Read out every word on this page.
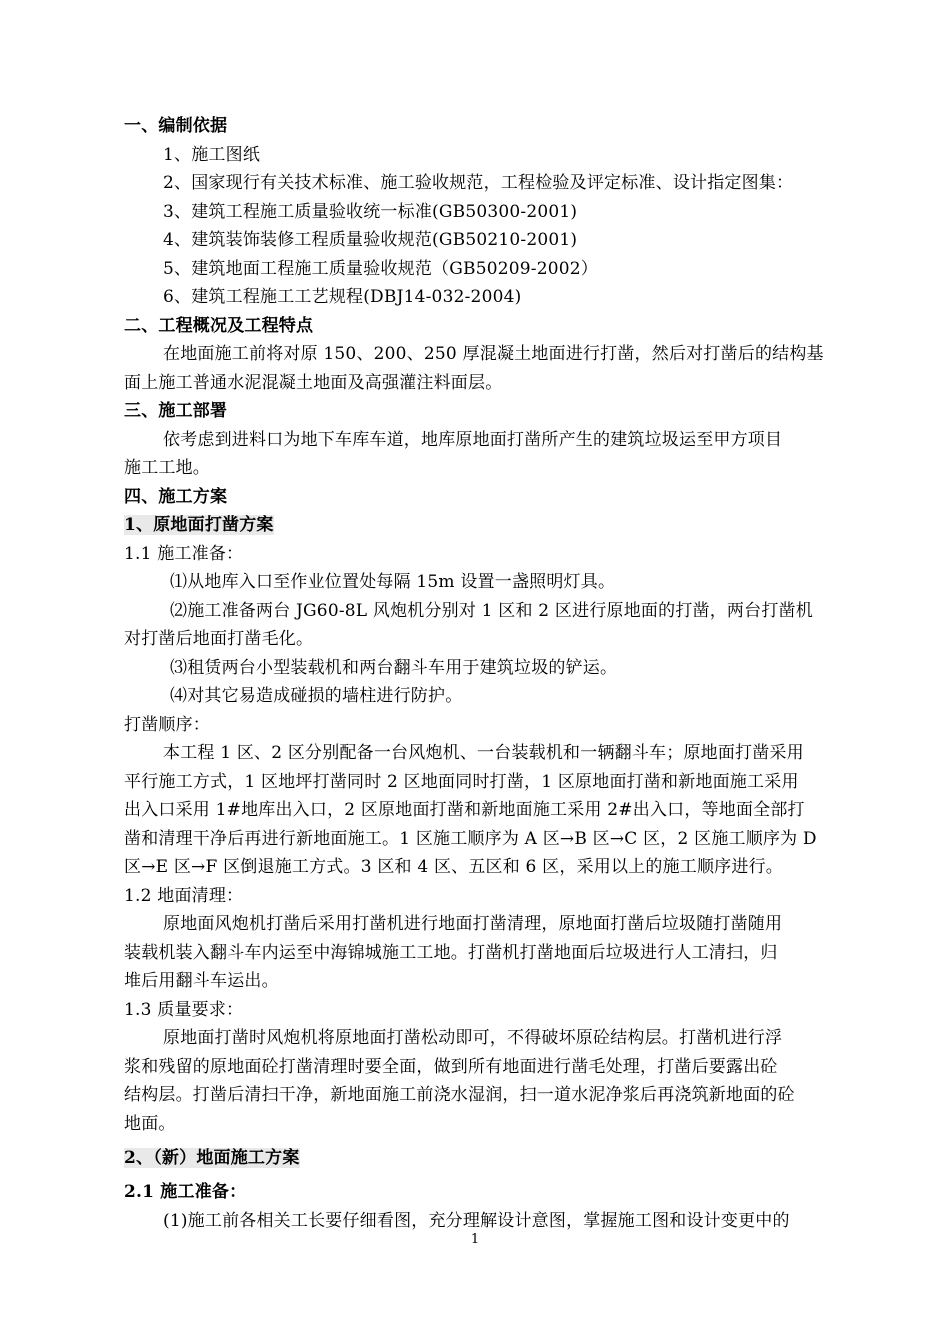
一、编制依据
1、施工图纸
2、国家现行有关技术标准、施工验收规范，工程检验及评定标准、设计指定图集：
3、建筑工程施工质量验收统一标准(GB50300-2001)
4、建筑装饰装修工程质量验收规范(GB50210-2001)
5、建筑地面工程施工质量验收规范（GB50209-2002）
6、建筑工程施工工艺规程(DBJ14-032-2004)
二、工程概况及工程特点
在地面施工前将对原 150、200、250 厚混凝土地面进行打凿，然后对打凿后的结构基
面上施工普通水泥混凝土地面及高强灌注料面层。
三、施工部署
依考虑到进料口为地下车库车道，地库原地面打凿所产生的建筑垃圾运至甲方项目
施工工地。
四、施工方案
1、原地面打凿方案
1.1 施工准备：
⑴从地库入口至作业位置处每隔 15m 设置一盏照明灯具。
⑵施工准备两台 JG60-8L 风炮机分别对 1 区和 2 区进行原地面的打凿，两台打凿机
对打凿后地面打凿毛化。
⑶租赁两台小型装载机和两台翻斗车用于建筑垃圾的铲运。
⑷对其它易造成碰损的墙柱进行防护。
打凿顺序：
本工程 1 区、2 区分别配备一台风炮机、一台装载机和一辆翻斗车；原地面打凿采用
平行施工方式，1 区地坪打凿同时 2 区地面同时打凿，1 区原地面打凿和新地面施工采用
出入口采用 1#地库出入口，2 区原地面打凿和新地面施工采用 2#出入口，等地面全部打
凿和清理干净后再进行新地面施工。1 区施工顺序为 A 区→B 区→C 区，2 区施工顺序为 D
区→E 区→F 区倒退施工方式。3 区和 4 区、五区和 6 区，采用以上的施工顺序进行。
1.2 地面清理：
原地面风炮机打凿后采用打凿机进行地面打凿清理，原地面打凿后垃圾随打凿随用
装载机装入翻斗车内运至中海锦城施工工地。打凿机打凿地面后垃圾进行人工清扫，归
堆后用翻斗车运出。
1.3 质量要求：
原地面打凿时风炮机将原地面打凿松动即可，不得破坏原砼结构层。打凿机进行浮
浆和残留的原地面砼打凿清理时要全面，做到所有地面进行凿毛处理，打凿后要露出砼
结构层。打凿后清扫干净，新地面施工前浇水湿润，扫一道水泥净浆后再浇筑新地面的砼
地面。
2、（新）地面施工方案
2.1 施工准备：
(1)施工前各相关工长要仔细看图，充分理解设计意图，掌握施工图和设计变更中的
1
